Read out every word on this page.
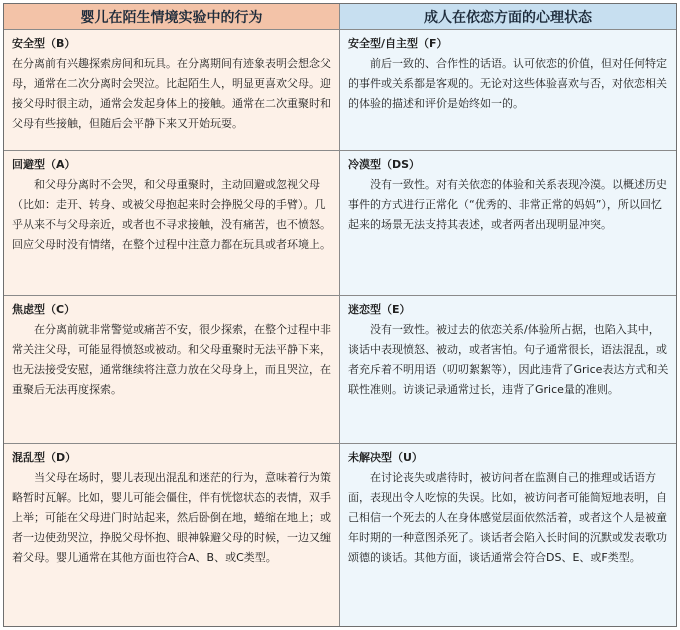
婴儿在陌生情境实验中的行为	成人在依恋方面的心理状态
安全型（B）
在分离前有兴趣探索房间和玩具。在分离期间有迹象表明会想念父母，通常在二次分离时会哭泣。比起陌生人，明显更喜欢父母。迎接父母时很主动，通常会发起身体上的接触。通常在二次重聚时和父母有些接触，但随后会平静下来又开始玩耍。
安全型/自主型（F）
前后一致的、合作性的话语。认可依恋的价值，但对任何特定的事件或关系都是客观的。无论对这些体验喜欢与否，对依恋相关的体验的描述和评价是始终如一的。
回避型（A）
和父母分离时不会哭，和父母重聚时，主动回避或忽视父母（比如：走开、转身、或被父母抱起来时会挣脱父母的手臂）。几乎从来不与父母亲近，或者也不寻求接触，没有痛苦，也不愤怒。回应父母时没有情绪，在整个过程中注意力都在玩具或者环境上。
冷漠型（DS）
没有一致性。对有关依恋的体验和关系表现冷漠。以概述历史事件的方式进行正常化（“优秀的、非常正常的妈妈”），所以回忆起来的场景无法支持其表述，或者两者出现明显冲突。
焦虑型（C）
在分离前就非常警觉或痛苦不安，很少探索，在整个过程中非常关注父母，可能显得愤怒或被动。和父母重聚时无法平静下来，也无法接受安慰，通常继续将注意力放在父母身上，而且哭泣，在重聚后无法再度探索。
迷恋型（E）
没有一致性。被过去的依恋关系/体验所占据，也陷入其中，谈话中表现愤怒、被动，或者害怕。句子通常很长，语法混乱，或者充斥着不明用语（叨叨絮絮等），因此违背了Grice表达方式和关联性准则。访谈记录通常过长，违背了Grice量的准则。
混乱型（D）
当父母在场时，婴儿表现出混乱和迷茫的行为，意味着行为策略暂时瓦解。比如，婴儿可能会僵住，伴有恍惚状态的表情，双手上举；可能在父母进门时站起来，然后卧倒在地，蜷缩在地上；或者一边使劲哭泣，挣脱父母怀抱、眼神躲避父母的时候，一边又缠着父母。婴儿通常在其他方面也符合A、B、或C类型。
未解决型（U）
在讨论丧失或虐待时，被访问者在监测自己的推理或话语方面，表现出令人吃惊的失误。比如，被访问者可能简短地表明，自己相信一个死去的人在身体感觉层面依然活着，或者这个人是被童年时期的一种意图杀死了。谈话者会陷入长时间的沉默或发表歌功颂德的谈话。其他方面，谈话通常会符合DS、E、或F类型。
